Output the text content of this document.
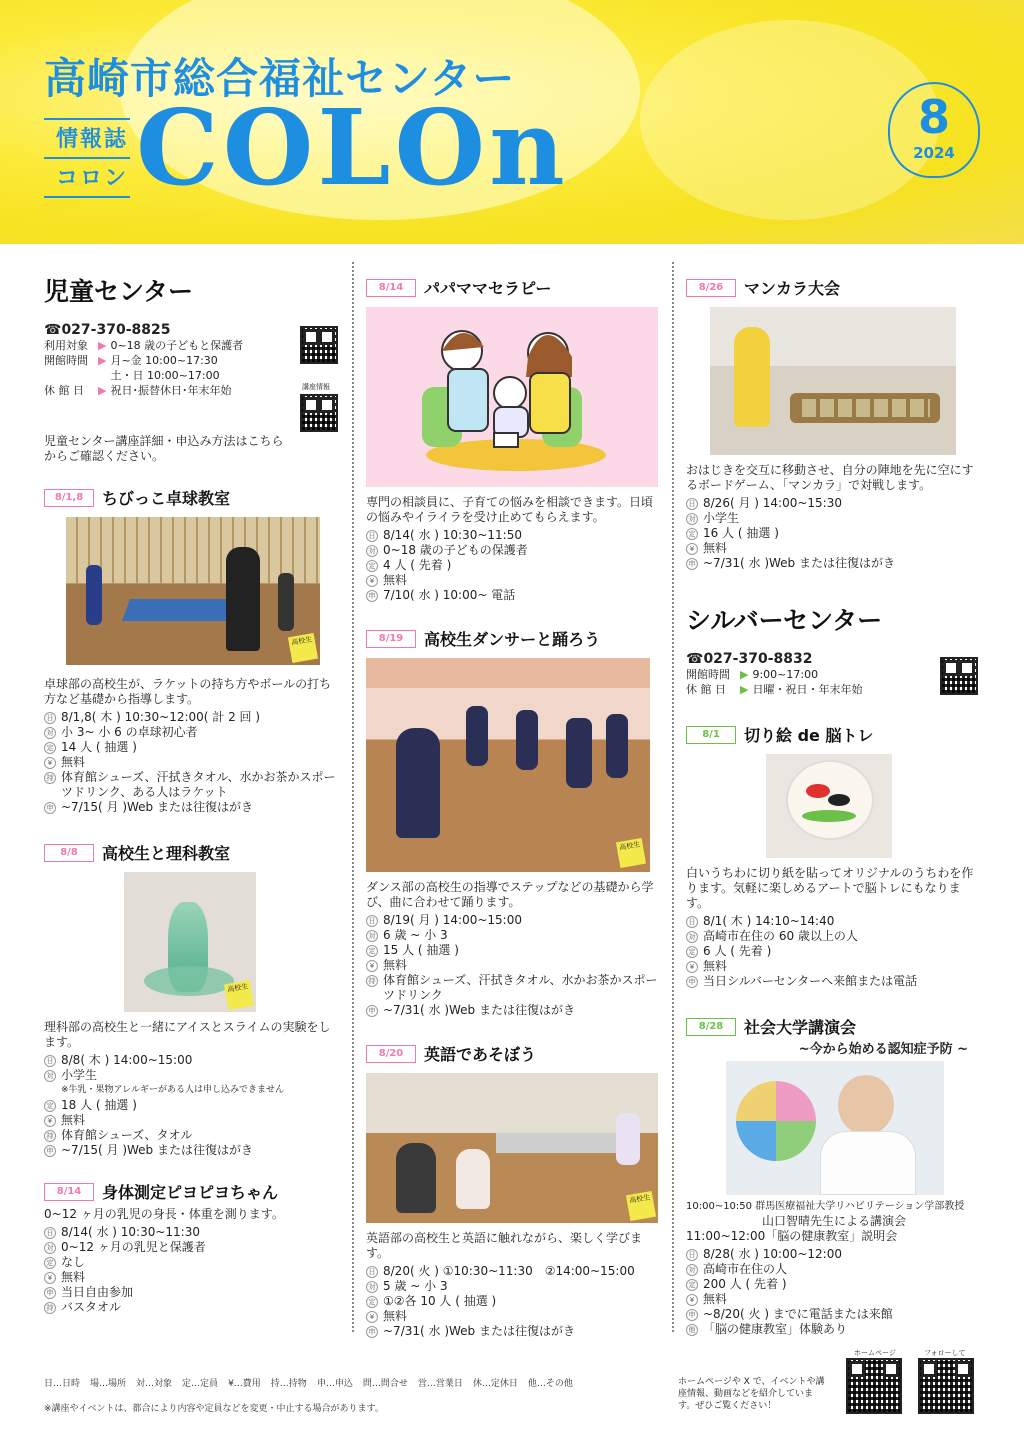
高崎市総合福祉センター
情報誌
コロン COLOn	8
2024
児童センター
☎027-370-8825
利用対象 ▶ 0~18 歳の子どもと保護者
開館時間 ▶ 月~金 10:00~17:30
土・日 10:00~17:00
休 館 日	▶ 祝日･振替休日･年末年始	講座情報
児童センター講座詳細・申込み方法はこちらからご確認ください。
8/1,8	ちびっこ卓球教室
高校生
卓球部の高校生が、ラケットの持ち方やボールの打ち方など基礎から指導します。
日 8/1,8( 木 ) 10:30~12:00( 計 2 回 )
対 小 3~ 小 6 の卓球初心者
定 14 人 ( 抽選 )
¥ 無料
持 体育館シューズ、汗拭きタオル、水かお茶かスポーツドリンク、ある人はラケット
申 ~7/15( 月 )Web または往復はがき
8/8	高校生と理科教室
高校生
理科部の高校生と一緒にアイスとスライムの実験をします。
日 8/8( 木 ) 14:00~15:00
対 小学生
※牛乳・果物アレルギーがある人は申し込みできません
定 18 人 ( 抽選 )
¥ 無料
持 体育館シューズ、タオル
申 ~7/15( 月 )Web または往復はがき
8/14	身体測定ピヨピヨちゃん
0~12 ヶ月の乳児の身長・体重を測ります。
日 8/14( 水 ) 10:30~11:30
対 0~12 ヶ月の乳児と保護者
定 なし
¥ 無料
申 当日自由参加
持 バスタオル
8/14	パパママセラピー
専門の相談員に、子育ての悩みを相談できます。日頃の悩みやイライラを受け止めてもらえます。
日 8/14( 水 ) 10:30~11:50
対 0~18 歳の子どもの保護者
定 4 人 ( 先着 )
¥ 無料
申 7/10( 水 ) 10:00~ 電話
8/19	高校生ダンサーと踊ろう
高校生
ダンス部の高校生の指導でステップなどの基礎から学び、曲に合わせて踊ります。
日 8/19( 月 ) 14:00~15:00
対 6 歳 ~ 小 3
定 15 人 ( 抽選 )
¥ 無料
持 体育館シューズ、汗拭きタオル、水かお茶かスポーツドリンク
申 ~7/31( 水 )Web または往復はがき
8/20	英語であそぼう
高校生
英語部の高校生と英語に触れながら、楽しく学びます。
日 8/20( 火 ) ①10:30~11:30　②14:00~15:00
対 5 歳 ~ 小 3
定 ①②各 10 人 ( 抽選 )
¥ 無料
申 ~7/31( 水 )Web または往復はがき
8/26	マンカラ大会
おはじきを交互に移動させ、自分の陣地を先に空にするボードゲーム、「マンカラ」で対戦します。
日 8/26( 月 ) 14:00~15:30
対 小学生
定 16 人 ( 抽選 )
¥ 無料
申 ~7/31( 水 )Web または往復はがき
シルバーセンター
☎027-370-8832
開館時間 ▶ 9:00~17:00
休 館 日	▶ 日曜・祝日・年末年始
8/1	切り絵 de 脳トレ
白いうちわに切り紙を貼ってオリジナルのうちわを作ります。気軽に楽しめるアートで脳トレにもなります。
日 8/1( 木 ) 14:10~14:40
対 高崎市在住の 60 歳以上の人
定 6 人 ( 先着 )
¥ 無料
申 当日シルバーセンターへ来館または電話
8/28	社会大学講演会
~今から始める認知症予防 ~
10:00~10:50 群馬医療福祉大学リハビリテーション学部教授
山口智晴先生による講演会
11:00~12:00「脳の健康教室」説明会
日 8/28( 水 ) 10:00~12:00
対 高崎市在住の人
定 200 人 ( 先着 )
¥ 無料
申 ~8/20( 火 ) までに電話または来館
他 「脳の健康教室」体験あり
日…日時 場…場所 対…対象 定…定員 ¥…費用 持…持物 申…申込 問…問合せ 営…営業日 休…定休日 他…その他
※講座やイベントは、都合により内容や定員などを変更・中止する場合があります。
ホームページや X で、イベントや講座情報、動画などを紹介しています。ぜひご覧ください！
ホームページ	フォローして
